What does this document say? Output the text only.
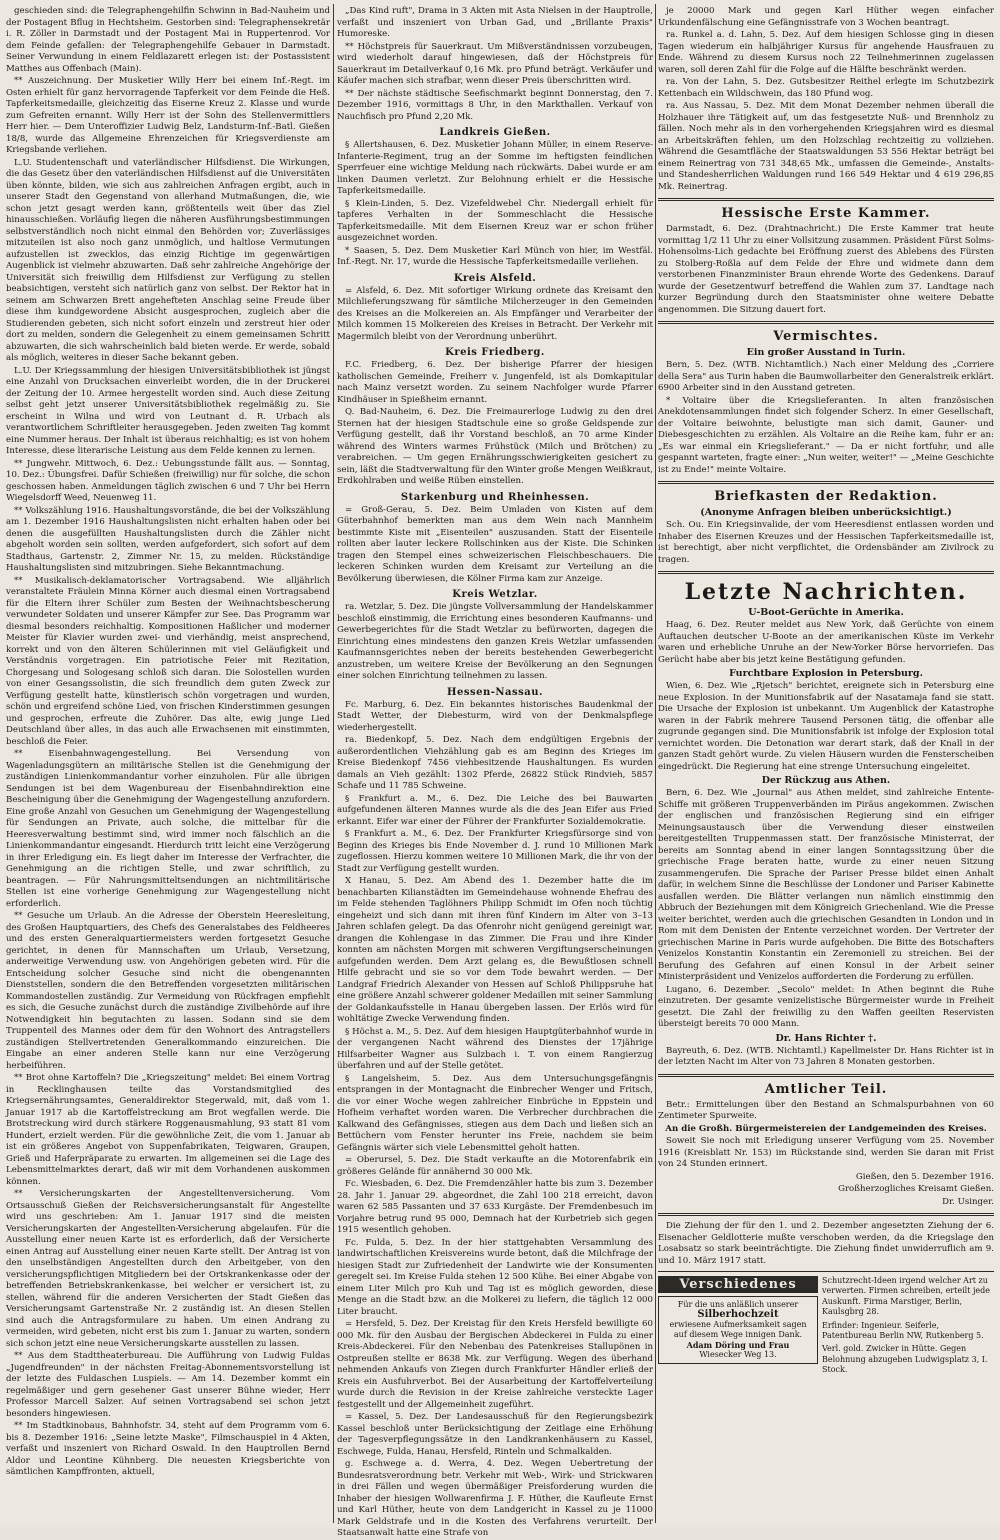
geschieden sind: die Telegraphengehilfin Schwinn in Bad-Nauheim und der Postagent Bflug in Hechtsheim. Gestorben sind: Telegraphensekretär i. R. Zöller in Darmstadt und der Postagent Mai in Ruppertenrod. Vor dem Feinde gefallen: der Telegraphengehilfe Gebauer in Darmstadt. Seiner Verwundung in einem Feldlazarett erlegen ist: der Postassistent Matthes aus Offenbach (Main).

** Auszeichnung. Der Musketier Willy Herr bei einem Inf.-Regt. im Osten erhielt für ganz hervorragende Tapferkeit vor dem Feinde die Heß. Tapferkeitsmedaille, gleichzeitig das Eiserne Kreuz 2. Klasse und wurde zum Gefreiten ernannt. Willy Herr ist der Sohn des Stellenvermittlers Herr hier. — Dem Unteroffizier Ludwig Belz, Landsturm-Inf.-Batl. Gießen 18/8, wurde das Allgemeine Ehrenzeichen für Kriegsverdienste am Kriegsbande verliehen.

L.U. Studentenschaft und vaterländischer Hilfsdienst. Die Wirkungen, die das Gesetz über den vaterländischen Hilfsdienst auf die Universitäten üben könnte, bilden, wie sich aus zahlreichen Anfragen ergibt, auch in unserer Stadt den Gegenstand von allerhand Mutmaßungen, die, wie schon jetzt gesagt werden kann, größtenteils weit über das Ziel hinausschießen. Vorläufig liegen die näheren Ausführungsbestimmungen selbstverständlich noch nicht einmal den Behörden vor; Zuverlässiges mitzuteilen ist also noch ganz unmöglich, und haltlose Vermutungen aufzustellen ist zwecklos, das einzig Richtige im gegenwärtigen Augenblick ist vielmehr abzuwarten. Daß sehr zahlreiche Angehörige der Universität sich freiwillig dem Hilfsdienst zur Verfügung zu stellen beabsichtigen, versteht sich natürlich ganz von selbst. Der Rektor hat in seinem am Schwarzen Brett angehefteten Anschlag seine Freude über diese ihm kundgewordene Absicht ausgesprochen, zugleich aber die Studierenden gebeten, sich nicht sofort einzeln und zerstreut hier oder dort zu melden, sondern die Gelegenheit zu einem gemeinsamen Schritt abzuwarten, die sich wahrscheinlich bald bieten werde. Er werde, sobald als möglich, weiteres in dieser Sache bekannt geben.

L.U. Der Kriegssammlung der hiesigen Universitätsbibliothek ist jüngst eine Anzahl von Drucksachen einverleibt worden, die in der Druckerei der Zeitung der 10. Armee hergestellt worden sind. Auch diese Zeitung selbst geht jetzt unserer Universitätsbibliothek regelmäßig zu. Sie erscheint in Wilna und wird von Leutnant d. R. Urbach als verantwortlichem Schriftleiter herausgegeben. Jeden zweiten Tag kommt eine Nummer heraus. Der Inhalt ist überaus reichhaltig; es ist von hohem Interesse, diese literarische Leistung aus dem Felde kennen zu lernen.

** Jungwehr. Mittwoch, 6. Dez.: Uebungsstunde fällt aus. — Sonntag, 10. Dez.: Übungsfrei. Dafür Schießen (freiwillig) nur für solche, die schon geschossen haben. Anmeldungen täglich zwischen 6 und 7 Uhr bei Herrn Wiegelsdorff Weed, Neuenweg 11.

** Volkszählung 1916. Haushaltungsvorstände, die bei der Volkszählung am 1. Dezember 1916 Haushaltungslisten nicht erhalten haben oder bei denen die ausgefüllten Haushaltungslisten durch die Zähler nicht abgeholt worden sein sollten, werden aufgefordert, sich sofort auf dem Stadthaus, Gartenstr. 2, Zimmer Nr. 15, zu melden. Rückständige Haushaltungslisten sind mitzubringen. Siehe Bekanntmachung.

** Musikalisch-deklamatorischer Vortragsabend. Wie alljährlich veranstaltete Fräulein Minna Körner auch diesmal einen Vortragsabend für die Eltern ihrer Schüler zum Besten der Weihnachtsbescherung verwundeter Soldaten und unserer Kämpfer zur See. Das Programm war diesmal besonders reichhaltig. Kompositionen Haßlicher und moderner Meister für Klavier wurden zwei- und vierhändig, meist ansprechend, korrekt und von den älteren Schülerinnen mit viel Geläufigkeit und Verständnis vorgetragen. Ein patriotische Feier mit Rezitation, Chorgesang und Sologesang schloß sich daran. Die Solostellen wurden von einer Gesangssolistin, die sich freundlich dem guten Zweck zur Verfügung gestellt hatte, künstlerisch schön vorgetragen und wurden, schön und ergreifend schöne Lied, von frischen Kinderstimmen gesungen und gesprochen, erfreute die Zuhörer. Das alte, ewig junge Lied Deutschland über alles, in das auch alle Erwachsenen mit einstimmten, beschloß die Feier.

** Eisenbahnwagengestellung. Bei Versendung von Wagenladungsgütern an militärische Stellen ist die Genehmigung der zuständigen Linienkommandantur vorher einzuholen. Für alle übrigen Sendungen ist bei dem Wagenbureau der Eisenbahndirektion eine Bescheinigung über die Genehmigung der Wagengestellung anzufordern. Eine große Anzahl von Gesuchen um Genehmigung der Wagengestellung für Sendungen an Private, auch solche, die mittelbar für die Heeresverwaltung bestimmt sind, wird immer noch fälschlich an die Linienkommandantur eingesandt. Hierdurch tritt leicht eine Verzögerung in ihrer Erledigung ein. Es liegt daher im Interesse der Verfrachter, die Genehmigung an die richtigen Stelle, und zwar schriftlich, zu beantragen. — Für Nahrungsmitteltsendungen an nichtmilitärische Stellen ist eine vorherige Genehmigung zur Wagengestellung nicht erforderlich.

** Gesuche um Urlaub. An die Adresse der Oberstein Heeresleitung, des Großen Hauptquartiers, des Chefs des Generalstabes des Feldheeres und des ersten Generalquartiermeisters werden fortgesetzt Gesuche gerichtet, in denen für Mannschaften um Urlaub, Versetzung, anderweitige Verwendung usw. von Angehörigen gebeten wird. Für die Entscheidung solcher Gesuche sind nicht die obengenannten Dienststellen, sondern die den Betreffenden vorgesetzten militärischen Kommandostellen zuständig. Zur Vermeidung von Rückfragen empfiehlt es sich, die Gesuche zunächst durch die zuständige Zivilbehörde auf ihre Notwendigkeit hin begutachten zu lassen. Sodann sind sie dem Truppenteil des Mannes oder dem für den Wohnort des Antragstellers zuständigen Stellvertretenden Generalkommando einzureichen. Die Eingabe an einer anderen Stelle kann nur eine Verzögerung herbeiführen.

** Brot ohne Kartoffeln? Die „Kriegszeitung" meldet: Bei einem Vortrag in Recklinghausen teilte das Vorstandsmitglied des Kriegsernährungsamtes, Generaldirektor Stegerwald, mit, daß vom 1. Januar 1917 ab die Kartoffelstreckung am Brot wegfallen werde. Die Brotstreckung wird durch stärkere Roggenausmahlung, 93 statt 81 vom Hundert, erzielt werden. Für die gewöhnliche Zeit, die vom 1. Januar ab ist ein größeres Angebot von Suppenfabrikaten, Teigwaren, Graupen, Grieß und Haferpräparate zu erwarten. Im allgemeinen sei die Lage des Lebensmittelmarktes derart, daß wir mit dem Vorhandenen auskommen können.

** Versicherungskarten der Angestelltenversicherung. Vom Ortsausschuß Gießen der Reichsversicherungsanstalt für Angestellte wird uns geschrieben: Am 1. Januar 1917 sind die meisten Versicherungskarten der Angestellten-Versicherung abgelaufen. Für die Ausstellung einer neuen Karte ist es erforderlich, daß der Versicherte einen Antrag auf Ausstellung einer neuen Karte stellt. Der Antrag ist von den unselbständigen Angestellten durch den Arbeitgeber, von den versicherungspflichtigen Mitgliedern bei der Ortskrankenkasse oder der betreffenden Betriebskrankenkasse, bei welcher er versichert ist, zu stellen, während für die anderen Versicherten der Stadt Gießen das Versicherungsamt Gartenstraße Nr. 2 zuständig ist. An diesen Stellen sind auch die Antragsformulare zu haben. Um einen Andrang zu vermeiden, wird gebeten, nicht erst bis zum 1. Januar zu warten, sondern sich schon jetzt eine neue Versicherungskarte ausstellen zu lassen.

** Aus dem Stadttheaterbureau. Die Aufführung von Ludwig Fuldas „Jugendfreunden" in der nächsten Freitag-Abonnementsvorstellung ist der letzte des Fuldaschen Luspiels. — Am 14. Dezember kommt ein regelmäßiger und gern gesehener Gast unserer Bühne wieder, Herr Professor Marcell Salzer. Auf seinen Vortragsabend sei schon jetzt besonders hingewiesen.

** Im Stadtkinobaus, Bahnhofstr. 34, steht auf dem Programm vom 6. bis 8. Dezember 1916: „Seine letzte Maske", Filmschauspiel in 4 Akten, verfaßt und inszeniert von Richard Oswald. In den Hauptrollen Bernd Aldor und Leontine Kühnberg. Die neuesten Kriegsberichte von sämtlichen Kampffronten, aktuell,

„Das Kind ruft", Drama in 3 Akten mit Asta Nielsen in der Hauptrolle, verfaßt und inszeniert von Urban Gad, und „Brillante Praxis" Humoreske.

** Höchstpreis für Sauerkraut. Um Mißverständnissen vorzubeugen, wird wiederholt darauf hingewiesen, daß der Höchstpreis für Sauerkraut im Detailverkauf 0,16 Mk. pro Pfund beträgt. Verkäufer und Käufer machen sich strafbar, wenn dieser Preis überschritten wird.

** Der nächste städtische Seefischmarkt beginnt Donnerstag, den 7. Dezember 1916, vormittags 8 Uhr, in den Markthallen. Verkauf von Nauchfisch pro Pfund 2,20 Mk.

Landkreis Gießen.

§ Allertshausen, 6. Dez. Musketier Johann Müller, in einem Reserve-Infanterie-Regiment, trug an der Somme im heftigsten feindlichen Sperrfeuer eine wichtige Meldung nach rückwärts. Dabei wurde er am linken Daumen verletzt. Zur Belohnung erhielt er die Hessische Tapferkeitsmedaille.

§ Klein-Linden, 5. Dez. Vizefeldwebel Chr. Niedergall erhielt für tapferes Verhalten in der Sommeschlacht die Hessische Tapferkeitsmedaille. Mit dem Eisernen Kreuz war er schon früher ausgezeichnet worden.

* Saasen, 5. Dez. Dem Musketier Karl Münch von hier, im Westfäl. Inf.-Regt. Nr. 17, wurde die Hessische Tapferkeitsmedaille verliehen.

Kreis Alsfeld.

= Alsfeld, 6. Dez. Mit sofortiger Wirkung ordnete das Kreisamt den Milchlieferungszwang für sämtliche Milcherzeuger in den Gemeinden des Kreises an die Molkereien an. Als Empfänger und Verarbeiter der Milch kommen 15 Molkereien des Kreises in Betracht. Der Verkehr mit Magermilch bleibt von der Verordnung unberührt.

Kreis Friedberg.

F.C. Friedberg, 6. Dez. Der bisherige Pfarrer der hiesigen katholischen Gemeinde, Freiherr v. Jungenfeld, ist als Domkapitular nach Mainz versetzt worden. Zu seinem Nachfolger wurde Pfarrer Kindhäuser in Spießheim ernannt.

Q. Bad-Nauheim, 6. Dez. Die Freimaurerloge Ludwig zu den drei Sternen hat der hiesigen Stadtschule eine so große Geldspende zur Verfügung gestellt, daß ihr Vorstand beschloß, an 70 arme Kinder während des Winters warmes Frühstück (Milch und Brötchen) zu verabreichen. — Um gegen Ernährungsschwierigkeiten gesichert zu sein, läßt die Stadtverwaltung für den Winter große Mengen Weißkraut, Erdkohlraben und weiße Rüben einstellen.

Starkenburg und Rheinhessen.

= Groß-Gerau, 5. Dez. Beim Umladen von Kisten auf dem Güterbahnhof bemerkten man aus dem Wein nach Mannheim bestimmte Kiste mit „Eisenteilen" auszusanden. Statt der Eisenteile rollten aber lauter leckere Rollschinken aus der Kiste. Die Schinken tragen den Stempel eines schweizerischen Fleischbeschauers. Die leckeren Schinken wurden dem Kreisamt zur Verteilung an die Bevölkerung überwiesen, die Kölner Firma kam zur Anzeige.

Kreis Wetzlar.

ra. Wetzlar, 5. Dez. Die jüngste Vollversammlung der Handelskammer beschloß einstimmig, die Errichtung eines besonderen Kaufmanns- und Gewerbegerichtes für die Stadt Wetzlar zu befürworten, dagegen die Einrichtung eines mindestens den ganzen Kreis Wetzlar umfassenden Kaufmannsgerichtes neben der bereits bestehenden Gewerbegericht anzustreben, um weitere Kreise der Bevölkerung an den Segnungen einer solchen Einrichtung teilnehmen zu lassen.

Hessen-Nassau.

Fc. Marburg, 6. Dez. Ein bekanntes historisches Baudenkmal der Stadt Wetter, der Diebesturm, wird von der Denkmalspflege wiederhergestellt.

ra. Biedenkopf, 5. Dez. Nach dem endgültigen Ergebnis der außerordentlichen Viehzählung gab es am Beginn des Krieges im Kreise Biedenkopf 7456 viehbesitzende Haushaltungen. Es wurden damals an Vieh gezählt: 1302 Pferde, 26822 Stück Rindvieh, 5857 Schafe und 11 785 Schweine.

§ Frankfurt a. M., 6. Dez. Die Leiche des bei Bauwarten aufgefundenen älteren Mannes wurde als die des Jean Eifer aus Fried erkannt. Eifer war einer der Führer der Frankfurter Sozialdemokratie.

§ Frankfurt a. M., 6. Dez. Der Frankfurter Kriegsfürsorge sind von Beginn des Krieges bis Ende November d. J. rund 10 Millionen Mark zugeflossen. Hierzu kommen weitere 10 Millionen Mark, die ihr von der Stadt zur Verfügung gestellt wurden.

X Hanau, 5. Dez. Am Abend des 1. Dezember hatte die im benachbarten Kilianstädten im Gemeindehause wohnende Ehefrau des im Felde stehenden Taglöhners Philipp Schmidt im Ofen noch tüchtig eingeheizt und sich dann mit ihren fünf Kindern im Alter von 3–13 Jahren schlafen gelegt. Da das Ofenrohr nicht genügend gereinigt war, drangen die Kohlengase in das Zimmer. Die Frau und ihre Kinder konnten am nächsten Morgen mit schweren Vergiftungserscheinungen aufgefunden werden. Dem Arzt gelang es, die Bewußtlosen schnell Hilfe gebracht und sie so vor dem Tode bewahrt werden. — Der Landgraf Friedrich Alexander von Hessen auf Schloß Philippsruhe hat eine größere Anzahl schwerer goldener Medaillen mit seiner Sammlung der Goldankaufsstelle in Hanau übergeben lassen. Der Erlös wird für wohltätige Zwecke Verwendung finden.

§ Höchst a. M., 5. Dez. Auf dem hiesigen Hauptgüterbahnhof wurde in der vergangenen Nacht während des Dienstes der 17jährige Hilfsarbeiter Wagner aus Sulzbach i. T. von einem Rangierzug überfahren und auf der Stelle getötet.

§ Langelsheim, 5. Dez. Aus dem Untersuchungsgefängnis entsprangen in der Montagnacht die Einbrecher Wenger und Fritsch, die vor einer Woche wegen zahlreicher Einbrüche in Eppstein und Hofheim verhaftet worden waren. Die Verbrecher durchbrachen die Kalkwand des Gefängnisses, stiegen aus dem Dach und ließen sich an Bettüchern vom Fenster herunter ins Freie, nachdem sie beim Gefängnis wärter sich viele Lebensmittel geholt hatten.

= Oberursel, 5. Dez. Die Stadt verkaufte an die Motorenfabrik ein größeres Gelände für annähernd 30 000 Mk.

Fc. Wiesbaden, 6. Dez. Die Fremdenzähler hatte bis zum 3. Dezember 28. Jahr 1. Januar 29. abgeordnet, die Zahl 100 218 erreicht, davon waren 62 585 Passanten und 37 633 Kurgäste. Der Fremdenbesuch im Vorjahre betrug rund 95 000, Demnach hat der Kurbetrieb sich gegen 1915 wesentlich gehoben.

Fc. Fulda, 5. Dez. In der hier stattgehabten Versammlung des landwirtschaftlichen Kreisvereins wurde betont, daß die Milchfrage der hiesigen Stadt zur Zufriedenheit der Landwirte wie der Konsumenten geregelt sei. Im Kreise Fulda stehen 12 500 Kühe. Bei einer Abgabe von einem Liter Milch pro Kuh und Tag ist es möglich geworden, diese Menge an die Stadt bzw. an die Molkerei zu liefern, die täglich 12 000 Liter braucht.

= Hersfeld, 5. Dez. Der Kreistag für den Kreis Hersfeld bewilligte 60 000 Mk. für den Ausbau der Bergischen Abdeckerei in Fulda zu einer Kreis-Abdeckerei. Für den Nebenbau des Patenkreises Stallupönen in Ostpreußen stellte er 8638 Mk. zur Verfügung. Wegen des überhand nehmenden Ankaufs von Ziegen durch Frankfurter Händler erließ der Kreis ein Ausfuhrverbot. Bei der Ausarbeitung der Kartoffelverteilung wurde durch die Revision in der Kreise zahlreiche versteckte Lager festgestellt und der Allgemeinheit zugeführt.

= Kassel, 5. Dez. Der Landesausschuß für den Regierungsbezirk Kassel beschloß unter Berücksichtigung der Zeitlage eine Erhöhung der Tagesverpflegungssätze in den Landkrankenhäusern zu Kassel, Eschwege, Fulda, Hanau, Hersfeld, Rinteln und Schmalkalden.

g. Eschwege a. d. Werra, 4. Dez. Wegen Uebertretung der Bundesratsverordnung betr. Verkehr mit Web-, Wirk- und Strickwaren in drei Fällen und wegen übermäßiger Preisforderung wurden die Inhaber der hiesigen Wollwarenfirma J. F. Hüther, die Kaufleute Ernst und Karl Hüther, heute von dem Landgericht in Kassel zu je 11000 Mark Geldstrafe und in die Kosten des Verfahrens verurteilt. Der Staatsanwalt hatte eine Strafe von

je 20000 Mark und gegen Karl Hüther wegen einfacher Urkundenfälschung eine Gefängnisstrafe von 3 Wochen beantragt.

ra. Runkel a. d. Lahn, 5. Dez. Auf dem hiesigen Schlosse ging in diesen Tagen wiederum ein halbjähriger Kursus für angehende Hausfrauen zu Ende. Während zu diesem Kursus noch 22 Teilnehmerinnen zugelassen waren, soll deren Zahl für die Folge auf die Hälfte beschränkt werden.

ra. Von der Lahn, 5. Dez. Gutsbesitzer Reithel erlegte im Schutzbezirk Kettenbach ein Wildschwein, das 180 Pfund wog.

ra. Aus Nassau, 5. Dez. Mit dem Monat Dezember nehmen überall die Holzhauer ihre Tätigkeit auf, um das festgesetzte Nuß- und Brennholz zu fällen. Noch mehr als in den vorhergehenden Kriegsjahren wird es diesmal an Arbeitskräften fehlen, um den Holzschlag rechtzeitig zu vollziehen. Während die Gesamtfläche der Staatswaldungen 53 556 Hektar beträgt bei einem Reinertrag von 731 348,65 Mk., umfassen die Gemeinde-, Anstalts- und Standesherrlichen Waldungen rund 166 549 Hektar und 4 619 296,85 Mk. Reinertrag.

Hessische Erste Kammer.

Darmstadt, 6. Dez. (Drahtnachricht.) Die Erste Kammer trat heute vormittag 1/2 11 Uhr zu einer Vollsitzung zusammen. Präsident Fürst Solms-Hohensolms-Lich gedachte bei Eröffnung zuerst des Ablebens des Fürsten zu Stolberg-Roßla auf dem Felde der Ehre und widmete dann dem verstorbenen Finanzminister Braun ehrende Worte des Gedenkens. Darauf wurde der Gesetzentwurf betreffend die Wahlen zum 37. Landtage nach kurzer Begründung durch den Staatsminister ohne weitere Debatte angenommen. Die Sitzung dauert fort.

Vermischtes.
Ein großer Ausstand in Turin.

Bern, 5. Dez. (WTB. Nichtamtlich.) Nach einer Meldung des „Corriere della Sera" aus Turin haben die Baumwollarbeiter den Generalstreik erklärt. 6900 Arbeiter sind in den Ausstand getreten.

* Voltaire über die Kriegslieferanten. In alten französischen Anekdotensammlungen findet sich folgender Scherz. In einer Gesellschaft, der Voltaire beiwohnte, belustigte man sich damit, Gauner- und Diebesgeschichten zu erzählen. Als Voltaire an die Reihe kam, fuhr er an: „Es war einmal ein Kriegslieferant." — Da er nicht fortfuhr, und alle gespannt warteten, fragte einer: „Nun weiter, weiter!" — „Meine Geschichte ist zu Ende!" meinte Voltaire.

Briefkasten der Redaktion.
(Anonyme Anfragen bleiben unberücksichtigt.)

Sch. Ou. Ein Kriegsinvalide, der vom Heeresdienst entlassen worden und Inhaber des Eisernen Kreuzes und der Hessischen Tapferkeitsmedaille ist, ist berechtigt, aber nicht verpflichtet, die Ordensbänder am Zivilrock zu tragen.

Letzte Nachrichten.
U-Boot-Gerüchte in Amerika.

Haag, 6. Dez. Reuter meldet aus New York, daß Gerüchte von einem Auftauchen deutscher U-Boote an der amerikanischen Küste im Verkehr waren und erhebliche Unruhe an der New-Yorker Börse hervorriefen. Das Gerücht habe aber bis jetzt keine Bestätigung gefunden.

Furchtbare Explosion in Petersburg.

Wien, 6. Dez. Wie „Rjetsch" berichtet, ereignete sich in Petersburg eine neue Explosion. In der Munitionsfabrik auf der Nasatamaja fand sie statt. Die Ursache der Explosion ist unbekannt. Um Augenblick der Katastrophe waren in der Fabrik mehrere Tausend Personen tätig, die offenbar alle zugrunde gegangen sind. Die Munitionsfabrik ist infolge der Explosion total vernichtet worden. Die Detonation war derart stark, daß der Knall in der ganzen Stadt gehört wurde. Zu vielen Häusern wurden die Fensterscheiben eingedrückt. Die Regierung hat eine strenge Untersuchung eingeleitet.

Der Rückzug aus Athen.

Bern, 6. Dez. Wie „Journal" aus Athen meldet, sind zahlreiche Entente-Schiffe mit größeren Truppenverbänden im Piräus angekommen. Zwischen der englischen und französischen Regierung sind ein eifriger Meinungsaustausch über die Verwendung dieser einstweilen bereitgestellten Truppenmassen statt. Der französische Ministerrat, der bereits am Sonntag abend in einer langen Sonntagssitzung über die griechische Frage beraten hatte, wurde zu einer neuen Sitzung zusammengerufen. Die Sprache der Pariser Presse bildet einen Anhalt dafür, in welchem Sinne die Beschlüsse der Londoner und Pariser Kabinette ausfallen werden. Die Blätter verlangen nun nämlich einstimmig den Abbruch der Beziehungen mit dem Königreich Griechenland. Wie die Presse weiter berichtet, werden auch die griechischen Gesandten in London und in Rom mit dem Denisten der Entente verzeichnet worden. Der Vertreter der griechischen Marine in Paris wurde aufgehoben. Die Bitte des Botschafters Venizelos Konstantin Konstantin ein Zeremoniell zu streichen. Bei der Berufung des Gefahren auf einen Konsul in der Arbeit seiner Ministerpräsident und Venizelos aufforderten die Forderung zu erfüllen.

Lugano, 6. Dezember. „Secolo" meldet: In Athen beginnt die Ruhe einzutreten. Der gesamte venizelistische Bürgermeister wurde in Freiheit gesetzt. Die Zahl der freiwillig zu den Waffen geeilten Reservisten übersteigt bereits 70 000 Mann.

Dr. Hans Richter †.

Bayreuth, 6. Dez. (WTB. Nichtamtl.) Kapellmeister Dr. Hans Richter ist in der letzten Nacht im Alter von 73 Jahren 8 Monaten gestorben.

Amtlicher Teil.

Betr.: Ermittelungen über den Bestand an Schmalspurbahnen von 60 Zentimeter Spurweite.

An die Großh. Bürgermeistereien der Landgemeinden des Kreises.

Soweit Sie noch mit Erledigung unserer Verfügung vom 25. November 1916 (Kreisblatt Nr. 153) im Rückstande sind, werden Sie daran mit Frist von 24 Stunden erinnert.

Gießen, den 5. Dezember 1916.

Großherzogliches Kreisamt Gießen.

Dr. Usinger.

Die Ziehung der für den 1. und 2. Dezember angesetzten Ziehung der 6. Eisenacher Geldlotterie mußte verschoben werden, da die Kriegslage den Losabsatz so stark beeinträchtigte. Die Ziehung findet unwiderruflich am 9. und 10. März 1917 statt.

Verschiedenes
Für die uns anläßlich unserer
Silberhochzeit
erwiesene Aufmerksamkeit sagen auf diesem Wege innigen Dank.
Adam Döring und Frau
Wiesecker Weg 13.

Schutzrecht-Ideen irgend welcher Art zu verwerten. Firmen schreiben, erteilt jede Auskunft. Firma Marstiger, Berlin, Kaulsgbrg 28.

Erfinder: Ingenieur. Seiferle, Patentbureau Berlin NW, Rutkenberg 5.

Verl. gold. Zwicker in Hütte. Gegen Belohnung abzugeben Ludwigsplatz 3, I. Stock.
